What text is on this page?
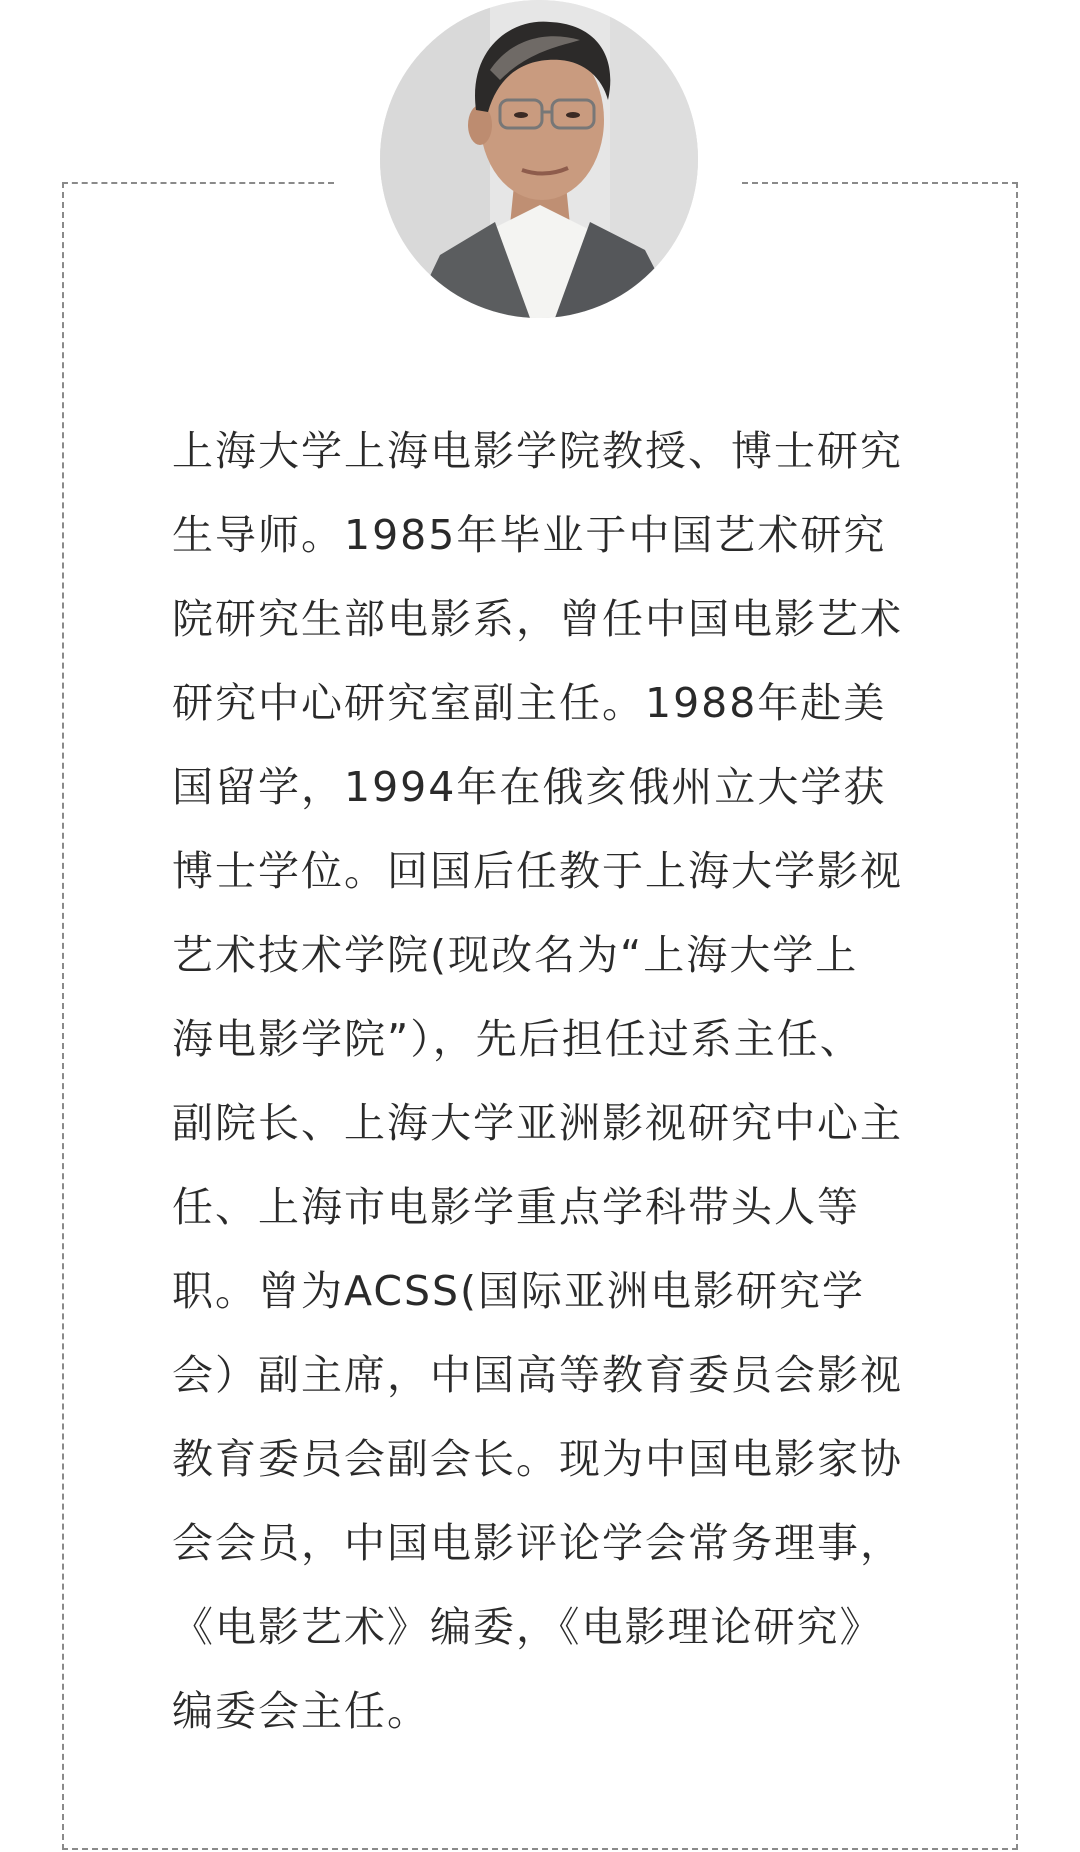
上海大学上海电影学院教授、博士研究
生导师。1985年毕业于中国艺术研究
院研究生部电影系，曾任中国电影艺术
研究中心研究室副主任。1988年赴美
国留学，1994年在俄亥俄州立大学获
博士学位。回国后任教于上海大学影视
艺术技术学院(现改名为“上海大学上
海电影学院”），先后担任过系主任、
副院长、上海大学亚洲影视研究中心主
任、上海市电影学重点学科带头人等
职。曾为ACSS(国际亚洲电影研究学
会）副主席，中国高等教育委员会影视
教育委员会副会长。现为中国电影家协
会会员，中国电影评论学会常务理事，
《电影艺术》编委，《电影理论研究》
编委会主任。
